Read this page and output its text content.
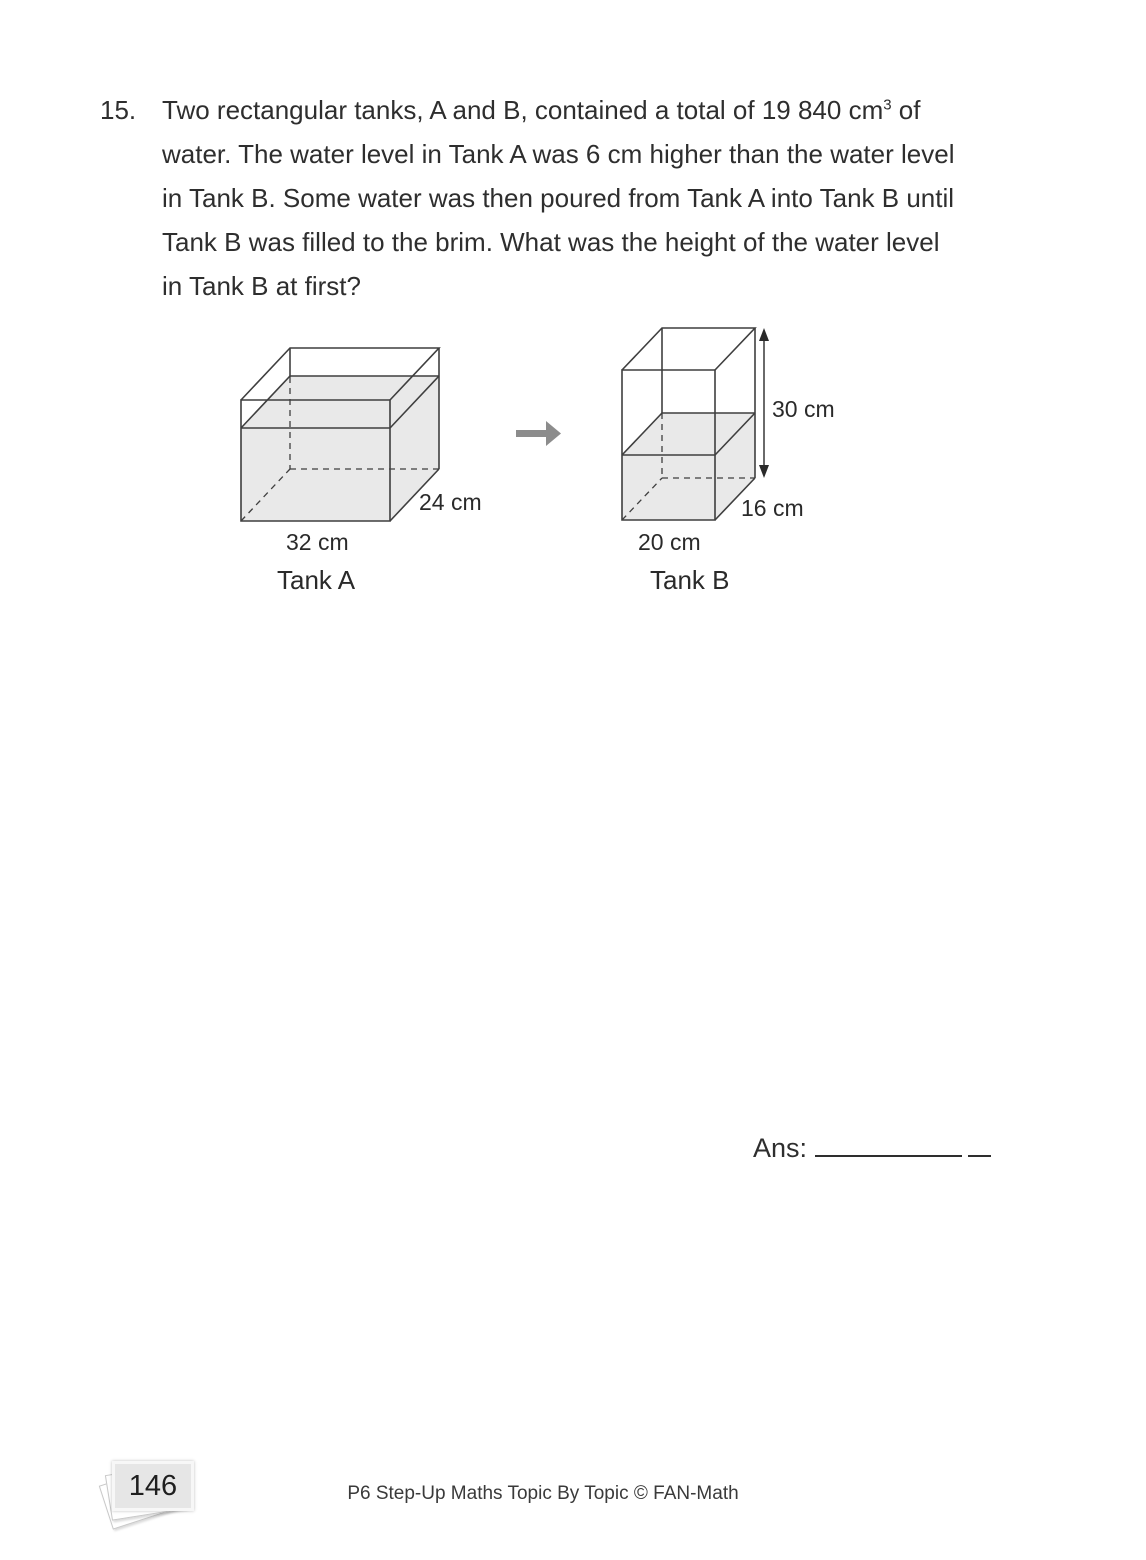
15. Two rectangular tanks, A and B, contained a total of 19 840 $cm^3$ of
water. The water level in Tank A was 6 cm higher than the water level
in Tank B. Some water was then poured from Tank A into Tank B until
Tank B was filled to the brim. What was the height of the water level
in Tank B at first?
24 cm
32 cm
Tank A
30 cm
16 cm
20 cm
Tank B
Ans:
146	P6 Step-Up Maths Topic By Topic © FAN-Math
